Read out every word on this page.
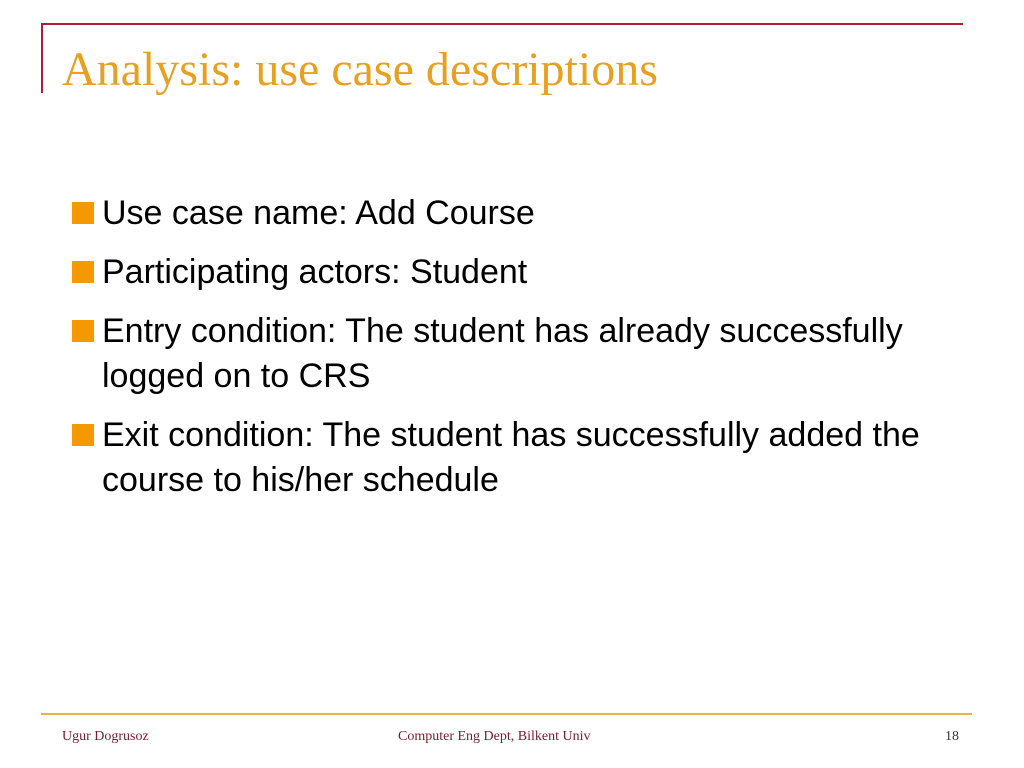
Analysis: use case descriptions
Use case name: Add Course
Participating actors: Student
Entry condition: The student has already successfully logged on to CRS
Exit condition: The student has successfully added the course to his/her schedule
Ugur Dogrusoz	Computer Eng Dept, Bilkent Univ	18
